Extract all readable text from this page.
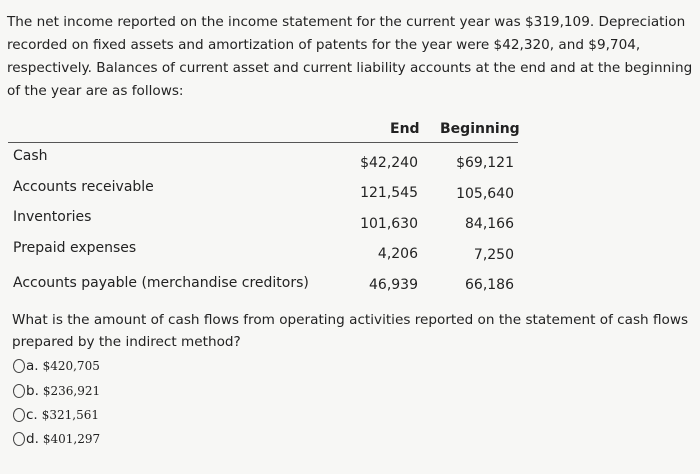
The net income reported on the income statement for the current year was $319,109. Depreciation
recorded on fixed assets and amortization of patents for the year were $42,320, and $9,704,
respectively. Balances of current asset and current liability accounts at the end and at the beginning
of the year are as follows:
End Beginning
Cash	$42,240	$69,121
Accounts receivable	121,545	105,640
Inventories	101,630	84,166
Prepaid expenses	4,206	7,250
Accounts payable (merchandise creditors)	46,939	66,186
What is the amount of cash flows from operating activities reported on the statement of cash flows
prepared by the indirect method?
a. $420,705
b. $236,921
c. $321,561
d. $401,297
